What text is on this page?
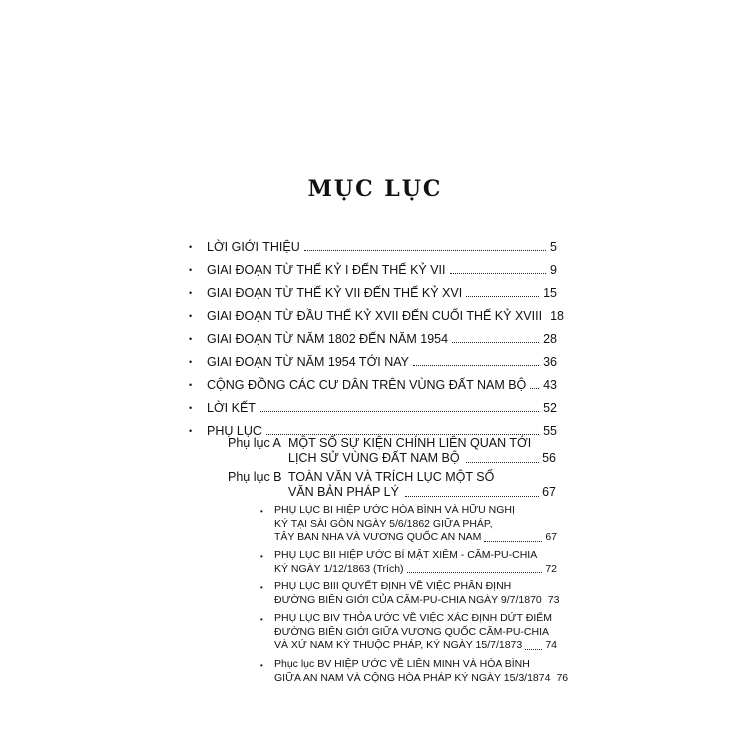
MỤC LỤC
• LỜI GIỚI THIỆU	5
• GIAI ĐOẠN TỪ THẾ KỶ I ĐẾN THẾ KỶ VII	9
• GIAI ĐOẠN TỪ THẾ KỶ VII ĐẾN THẾ KỶ XVI	15
• GIAI ĐOẠN TỪ ĐẦU THẾ KỶ XVII ĐẾN CUỐI THẾ KỶ XVIII 18
• GIAI ĐOẠN TỪ NĂM 1802 ĐẾN NĂM 1954	28
• GIAI ĐOẠN TỪ NĂM 1954 TỚI NAY	36
• CỘNG ĐỒNG CÁC CƯ DÂN TRÊN VÙNG ĐẤT NAM BỘ 43
• LỜI KẾT	52
• PHỤ LỤC	55
Phụ lục A MỘT SỐ SỰ KIỆN CHÍNH LIÊN QUAN TỚI
LỊCH SỬ VÙNG ĐẤT NAM BỘ	56
Phụ lục B TOÀN VĂN VÀ TRÍCH LỤC MỘT SỐ
VĂN BẢN PHÁP LÝ	67
• PHỤ LỤC BI HIỆP ƯỚC HÒA BÌNH VÀ HỮU NGHỊ
KÝ TẠI SÀI GÒN NGÀY 5/6/1862 GIỮA PHÁP,
TÂY BAN NHA VÀ VƯƠNG QUỐC AN NAM	67
• PHỤ LỤC BII HIỆP ƯỚC BÍ MẬT XIÊM - CĂM-PU-CHIA
KÝ NGÀY 1/12/1863 (Trích)	72
• PHỤ LỤC BIII QUYẾT ĐỊNH VỀ VIỆC PHÂN ĐỊNH
ĐƯỜNG BIÊN GIỚI CỦA CĂM-PU-CHIA NGÀY 9/7/1870 73
• PHỤ LỤC BIV THỎA ƯỚC VỀ VIỆC XÁC ĐỊNH DỨT ĐIỂM
ĐƯỜNG BIÊN GIỚI GIỮA VƯƠNG QUỐC CĂM-PU-CHIA
VÀ XỨ NAM KỲ THUỘC PHÁP, KÝ NGÀY 15/7/1873 74
• Phục lục BV HIỆP ƯỚC VỀ LIÊN MINH VÀ HÒA BÌNH
GIỮA AN NAM VÀ CỘNG HÒA PHÁP KÝ NGÀY 15/3/1874 76
